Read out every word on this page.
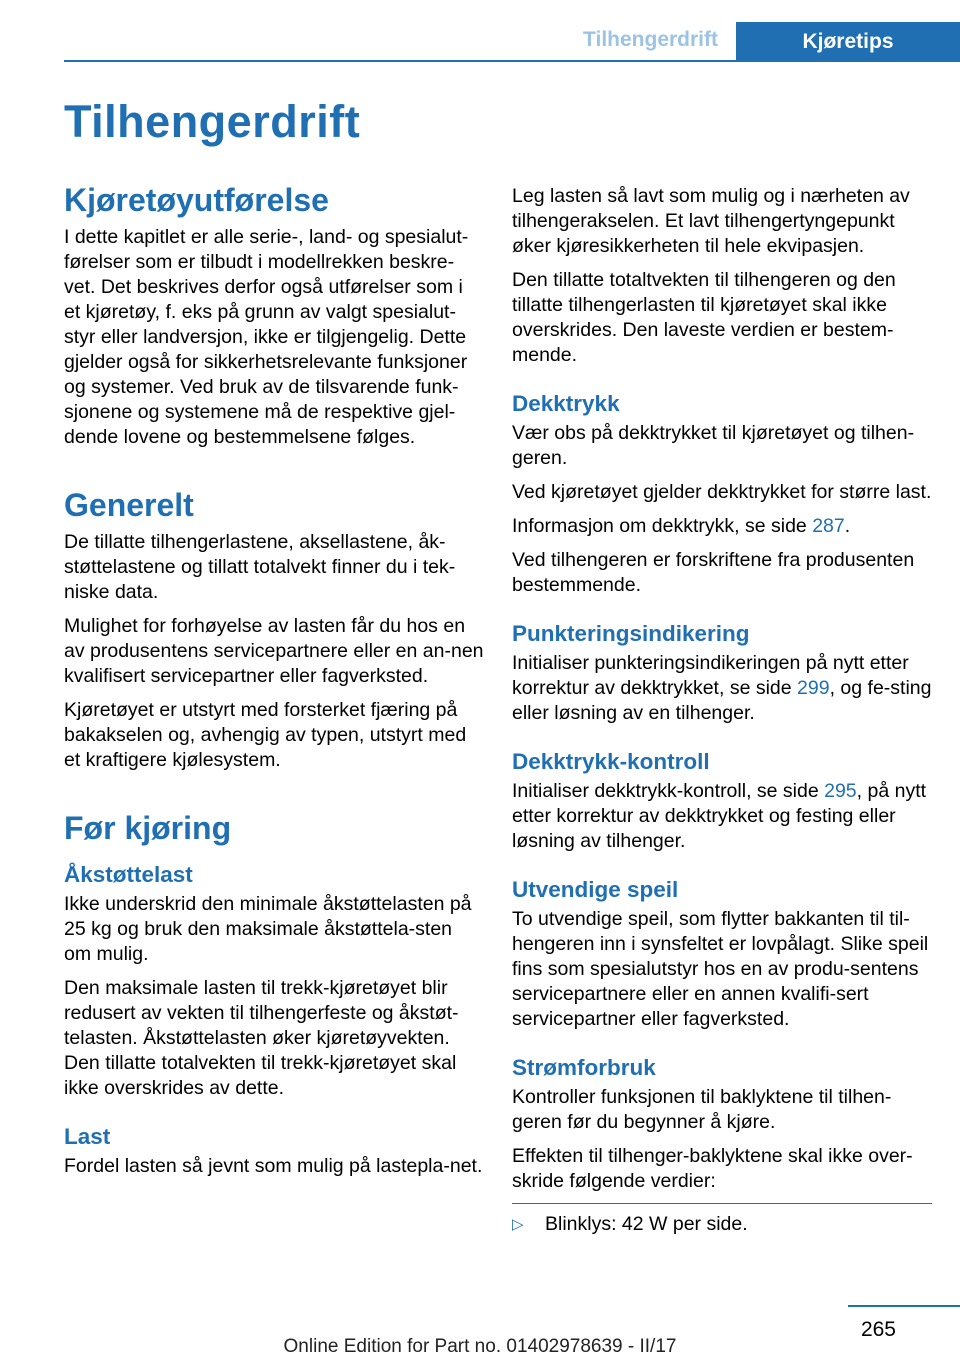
Tilhengerdrift	Kjøretips
Tilhengerdrift
Kjøretøyutførelse

I dette kapitlet er alle serie-, land- og spesialut-førelser som er tilbudt i modellrekken beskre-vet. Det beskrives derfor også utførelser som i et kjøretøy, f. eks på grunn av valgt spesialut-styr eller landversjon, ikke er tilgjengelig. Dette gjelder også for sikkerhetsrelevante funksjoner og systemer. Ved bruk av de tilsvarende funk-sjonene og systemene må de respektive gjel-dende lovene og bestemmelsene følges.

Generelt

De tillatte tilhengerlastene, aksellastene, åk-støttelastene og tillatt totalvekt finner du i tek-niske data.

Mulighet for forhøyelse av lasten får du hos en av produsentens servicepartnere eller en an-nen kvalifisert servicepartner eller fagverksted.

Kjøretøyet er utstyrt med forsterket fjæring på bakakselen og, avhengig av typen, utstyrt med et kraftigere kjølesystem.

Før kjøring
Åkstøttelast

Ikke underskrid den minimale åkstøttelasten på 25 kg og bruk den maksimale åkstøttela-sten om mulig.

Den maksimale lasten til trekk-kjøretøyet blir redusert av vekten til tilhengerfeste og åkstøt-telasten. Åkstøttelasten øker kjøretøyvekten. Den tillatte totalvekten til trekk-kjøretøyet skal ikke overskrides av dette.

Last

Fordel lasten så jevnt som mulig på lastepla-net.

Leg lasten så lavt som mulig og i nærheten av tilhengerakselen. Et lavt tilhengertyngepunkt øker kjøresikkerheten til hele ekvipasjen.

Den tillatte totaltvekten til tilhengeren og den tillatte tilhengerlasten til kjøretøyet skal ikke overskrides. Den laveste verdien er bestem-mende.

Dekktrykk

Vær obs på dekktrykket til kjøretøyet og tilhen-geren.

Ved kjøretøyet gjelder dekktrykket for større last.

Informasjon om dekktrykk, se side 287.

Ved tilhengeren er forskriftene fra produsenten bestemmende.

Punkteringsindikering

Initialiser punkteringsindikeringen på nytt etter korrektur av dekktrykket, se side 299, og fe-sting eller løsning av en tilhenger.

Dekktrykk-kontroll

Initialiser dekktrykk-kontroll, se side 295, på nytt etter korrektur av dekktrykket og festing eller løsning av tilhenger.

Utvendige speil

To utvendige speil, som flytter bakkanten til til-hengeren inn i synsfeltet er lovpålagt. Slike speil fins som spesialutstyr hos en av produ-sentens servicepartnere eller en annen kvalifi-sert servicepartner eller fagverksted.

Strømforbruk

Kontroller funksjonen til baklyktene til tilhen-geren før du begynner å kjøre.

Effekten til tilhenger-baklyktene skal ikke over-skride følgende verdier:

▷	Blinklys: 42 W per side.
265
Online Edition for Part no. 01402978639 - II/17
